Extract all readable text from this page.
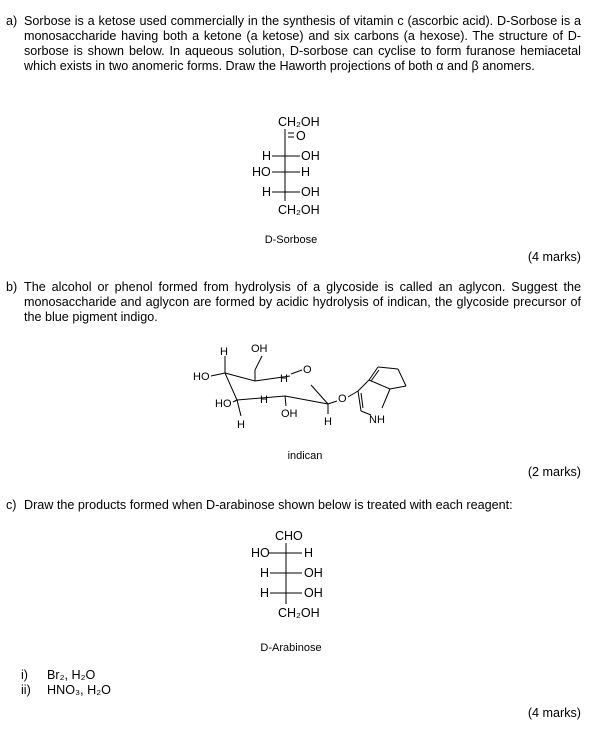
a) Sorbose is a ketose used commercially in the synthesis of vitamin c (ascorbic acid). D-Sorbose is a monosaccharide having both a ketone (a ketose) and six carbons (a hexose). The structure of D-sorbose is shown below. In aqueous solution, D-sorbose can cyclise to form furanose hemiacetal which exists in two anomeric forms. Draw the Haworth projections of both α and β anomers.
CH₂OH
O
H OH
HO H
H OH
CH₂OH
D-Sorbose
(4 marks)
b) The alcohol or phenol formed from hydrolysis of a glycoside is called an aglycon. Suggest the monosaccharide and aglycon are formed by acidic hydrolysis of indican, the glycoside precursor of the blue pigment indigo.
OH
H
HO	H
O
H
HO
H
OH
H
O
NH
indican
(2 marks)
c) Draw the products formed when D-arabinose shown below is treated with each reagent:
CHO
HO	H
H	OH
H	OH
CH₂OH
D-Arabinose
i) Br₂, H₂O
ii) HNO₃, H₂O
(4 marks)
